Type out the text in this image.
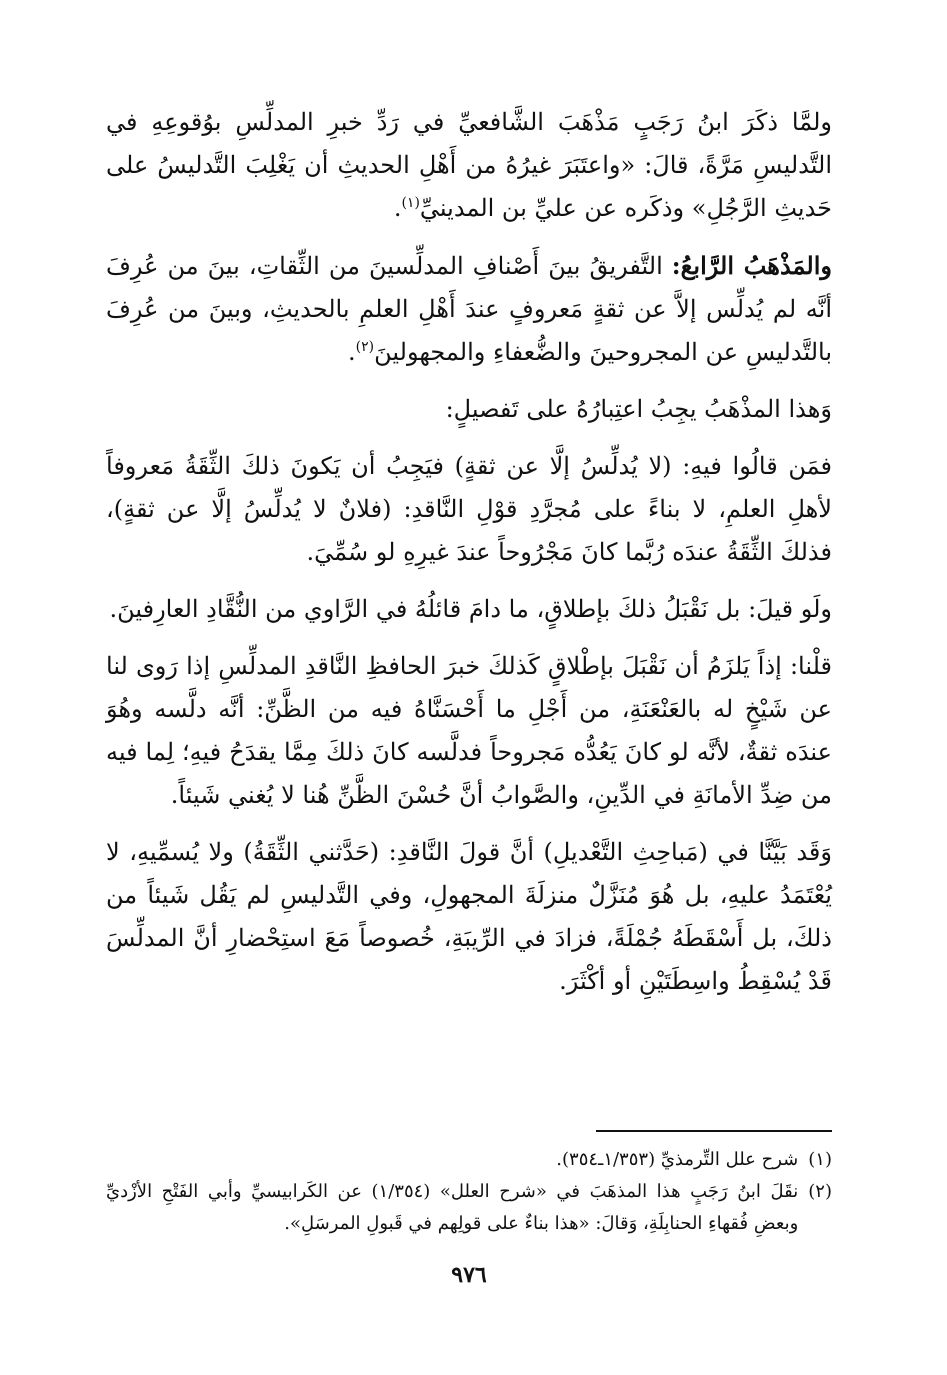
ولمَّا ذكَرَ ابنُ رَجَبٍ مَذْهَبَ الشَّافعيِّ في رَدِّ خبرِ المدلِّسِ بوُقوعِهِ في التَّدليسِ مَرَّةً، قالَ: «واعتَبَرَ غيرُهُ من أَهْلِ الحديثِ أن يَغْلِبَ التَّدليسُ على حَديثِ الرَّجُلِ» وذكَره عن عليِّ بن المدينيِّ$^{(١)}$.

والمَذْهَبُ الرَّابعُ: التَّفريقُ بينَ أَصْنافِ المدلِّسينَ من الثِّقاتِ، بينَ من عُرِفَ أنَّه لم يُدلِّس إلاَّ عن ثقةٍ مَعروفٍ عندَ أَهْلِ العلمِ بالحديثِ، وبينَ من عُرِفَ بالتَّدليسِ عن المجروحينَ والضُّعفاءِ والمجهولينَ$^{(٢)}$.

وَهذا المذْهَبُ يجِبُ اعتِبارُهُ على تَفصيلٍ:

فمَن قالُوا فيهِ: (لا يُدلِّسُ إلَّا عن ثقةٍ) فيَجِبُ أن يَكونَ ذلكَ الثِّقَةُ مَعروفاً لأهلِ العلمِ، لا بناءً على مُجرَّدِ قوْلِ النَّاقدِ: (فلانٌ لا يُدلِّسُ إلَّا عن ثقةٍ)، فذلكَ الثِّقَةُ عندَه رُبَّما كانَ مَجْرُوحاً عندَ غيرِهِ لو سُمِّيَ.

ولَو قيلَ: بل نَقْبَلُ ذلكَ بإطلاقٍ، ما دامَ قائلُهُ في الرَّاوي من النُّقَّادِ العارِفينَ.

قلْنا: إذاً يَلزَمُ أن نَقْبَلَ بإطْلاقٍ كَذلكَ خبرَ الحافظِ النَّاقدِ المدلِّسِ إذا رَوى لنا عن شَيْخٍ له بالعَنْعَنَةِ، من أَجْلِ ما أَحْسَنَّاهُ فيه من الظَّنِّ: أنَّه دلَّسه وهُوَ عندَه ثقةٌ، لأنَّه لو كانَ يَعُدُّه مَجروحاً فدلَّسه كانَ ذلكَ مِمَّا يقدَحُ فيهِ؛ لِما فيه من ضِدِّ الأمانَةِ في الدِّينِ، والصَّوابُ أنَّ حُسْنَ الظَّنِّ هُنا لا يُغني شَيئاً.

وَقَد بَيَّنَّا في (مَباحِثِ التَّعْديلِ) أنَّ قولَ النَّاقدِ: (حَدَّثني الثِّقَةُ) ولا يُسمِّيهِ، لا يُعْتَمَدُ عليهِ، بل هُوَ مُنَزَّلٌ منزلَةَ المجهولِ، وفي التَّدليسِ لم يَقُل شَيئاً من ذلكَ، بل أَسْقَطَهُ جُمْلَةً، فزادَ في الرِّيبَةِ، خُصوصاً مَعَ استِحْضارِ أنَّ المدلِّسَ قَدْ يُسْقِطُ واسِطَتَيْنِ أو أكْثَرَ.

(١)
شرح علل التِّرمذيِّ (١/٣٥٣ـ٣٥٤).

(٢)
نقَلَ ابنُ رَجَبٍ هذا المذهَبَ في «شرح العلل» (١/٣٥٤) عن الكَرابيسيِّ وأبي الفَتْحِ الأزْديِّ وبعضِ فُقهاءِ الحنابِلَةِ، وَقالَ: «هذا بناءٌ على قولِهم في قَبولِ المرسَلِ».

٩٧٦
